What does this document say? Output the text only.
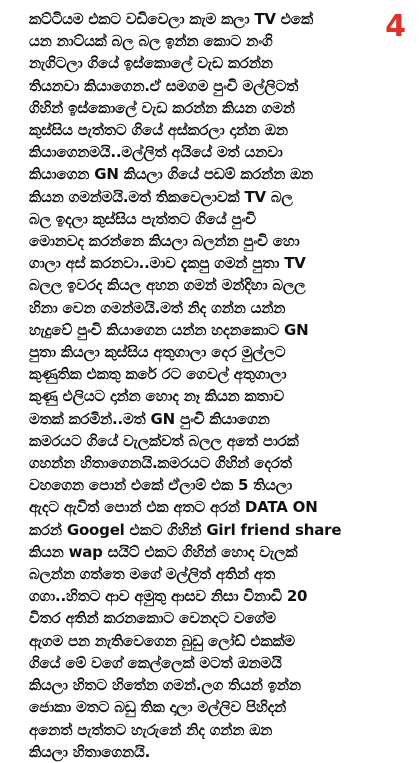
4
කට්ටියම එකට වඩිවෙලා කැම කලා TV එකේ
යන නාට්යක් බල බල ඉන්න කොට නංගි
නැගිටලා ගියේ ඉස්කොලේ වැඩ කරන්න
තියනවා කියාගෙන.ඒ සමගම පුංචි මල්ලිටත්
ගිහින් ඉස්කොලේ වැඩ කරන්න කියන ගමන්
කුස්සිය පැත්තට ගියේ අස්කරලා දාන්න ඔන
කියාගෙනමයි..මල්ලිත් අයියේ මත් යනවා
කියාගෙන GN කියලා ගියේ පඩම් කරන්න ඔන
කියන ගමන්මයි.මත් තිකවෙලාවක් TV බල
බල ඉදලා කුස්සිය පැත්තට ගියේ පුංචි
මොනවද කරන්නෙ කියලා බලන්න පුංචි හො
ගාලා අස් කරනවා..මාව දැකපු ගමන් පුතා TV
බලල ඉවරද කියල අහන ගමන් මන්දිහා බලල
හිනා වෙන ගමන්මයි.මත් නිද ගන්න යන්න
හැදුවේ පුංචි කියාගෙන යන්න හදනකොට GN
පුතා කියලා කුස්සිය අතුගාලා දෙර මුල්ලට
කුණුතික එකතු කරේ රට ගෙවල් අතුගාලා
කුණු එලියට දාන්න හොද නෑ කියන කතාව
මතක් කරමින්..මත් GN පුංචි කියාගෙන
කමරයට ගියේ වැලක්වත් බලල අතේ පාරක්
ගහන්න හිතාගෙනයි.කමරයට ගිහින් දෙරත්
වහගෙන පොන් එකේ ඒලාම් එක 5 තියලා
ඇදට ඇවිත් පොන් එක අතට අරන් DATA ON
කරන් Googel එකට ගිහින් Girl friend share
කියන wap සයිට් එකට ගිහින් හොද වැලක්
බලන්න ගත්තෙ මගේ මල්ලිත් අතින් අත
ගගා..හිතට ආව අමුතු ආසව නිසා විනාඩි 20
විතර අතින් කරනකොට වෙනදට වගේම
ඇගම පන නැතිවෙගෙන බුඩු ලෝඩ් එකක්ම
ගියේ මේ වගේ කෙල්ලෙක් මටත් ඔනමයි
කියලා හිතට හිතේන ගමන්.ලග තියන් ඉන්න
ජොකා මතට බඩු තික දාලා මල්ලිව පිහිදන්
අනෙත් පැත්තට හැරුනේ නිද ගන්න ඔන
කියලා හිතාගෙනයි.
